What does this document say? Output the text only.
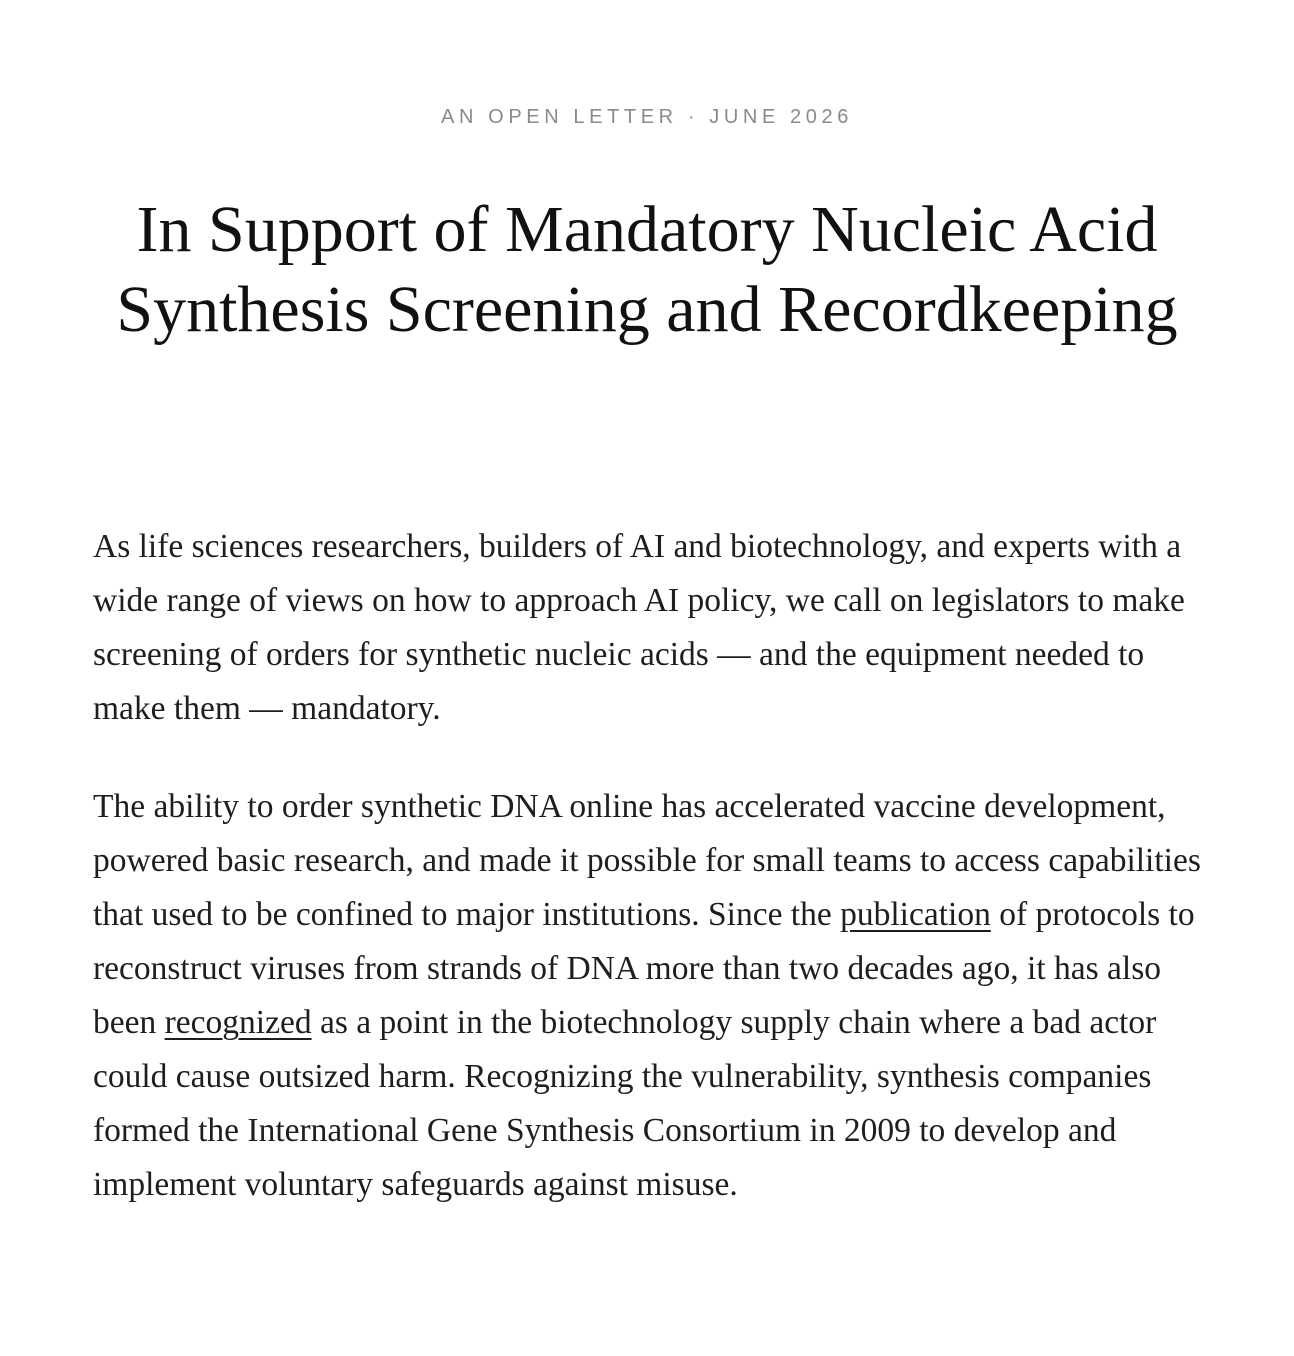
AN OPEN LETTER · JUNE 2026
In Support of Mandatory Nucleic Acid Synthesis Screening and Recordkeeping

As life sciences researchers, builders of AI and biotechnology, and experts with a wide range of views on how to approach AI policy, we call on legislators to make screening of orders for synthetic nucleic acids — and the equipment needed to make them — mandatory.

The ability to order synthetic DNA online has accelerated vaccine development, powered basic research, and made it possible for small teams to access capabilities that used to be confined to major institutions. Since the publication of protocols to reconstruct viruses from strands of DNA more than two decades ago, it has also been recognized as a point in the biotechnology supply chain where a bad actor could cause outsized harm. Recognizing the vulnerability, synthesis companies formed the International Gene Synthesis Consortium in 2009 to develop and implement voluntary safeguards against misuse.
